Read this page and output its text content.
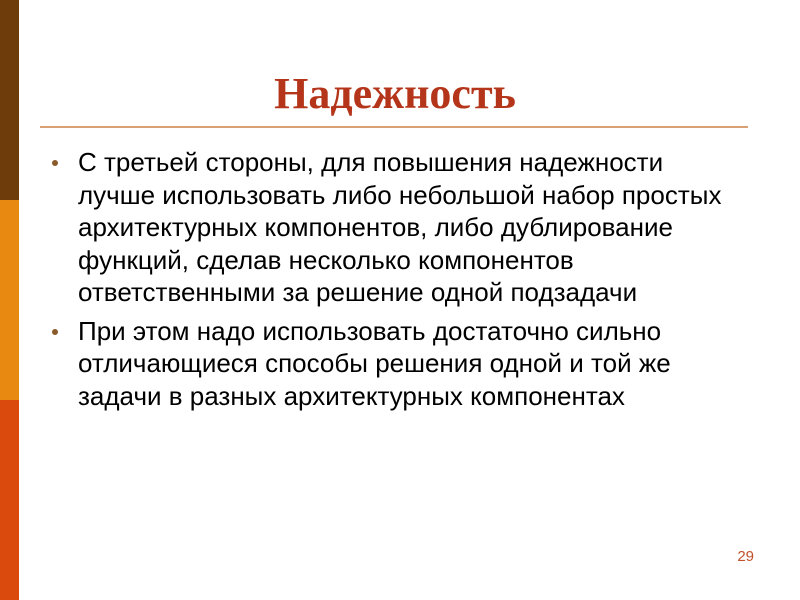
Надежность
С третьей стороны, для повышения надежности лучше использовать либо небольшой набор простых архитектурных компонентов, либо дублирование функций, сделав несколько компонентов ответственными за решение одной подзадачи
При этом надо использовать достаточно сильно отличающиеся способы решения одной и той же задачи в разных архитектурных компонентах
29
